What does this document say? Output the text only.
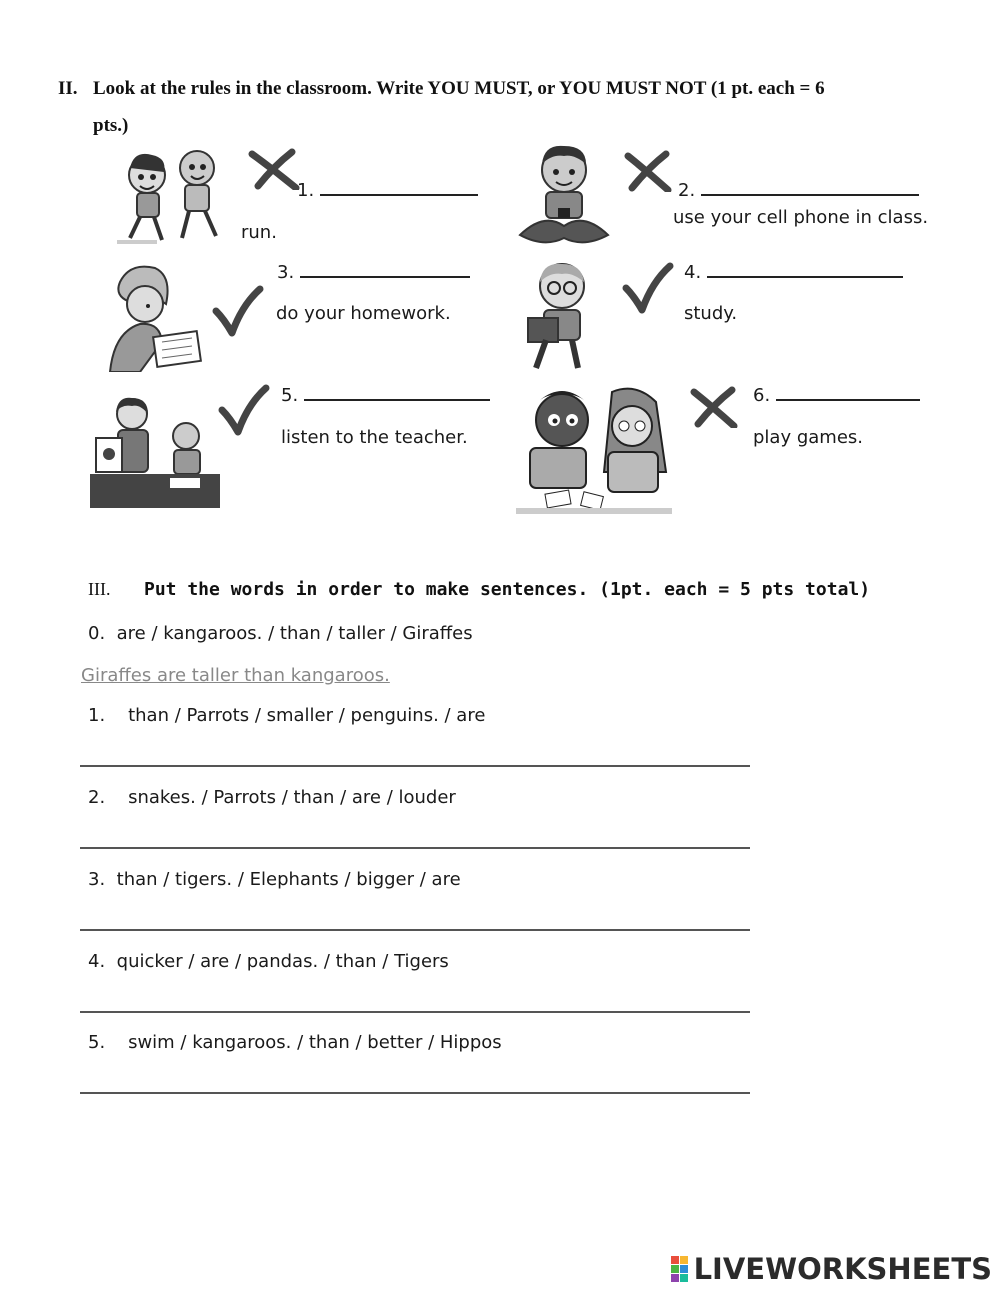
II. Look at the rules in the classroom. Write YOU MUST, or YOU MUST NOT (1 pt. each = 6
pts.)
1.
run.
2.
use your cell phone in class.
3.
do your homework.
4.
study.
5.
listen to the teacher.
6.
play games.
III. Put the words in order to make sentences. (1pt. each = 5 pts total)
0. are / kangaroos. / than / taller / Giraffes
Giraffes are taller than kangaroos.
1. than / Parrots / smaller / penguins. / are
2. snakes. / Parrots / than / are / louder
3. than / tigers. / Elephants / bigger / are
4. quicker / are / pandas. / than / Tigers
5. swim / kangaroos. / than / better / Hippos
LIVEWORKSHEETS
